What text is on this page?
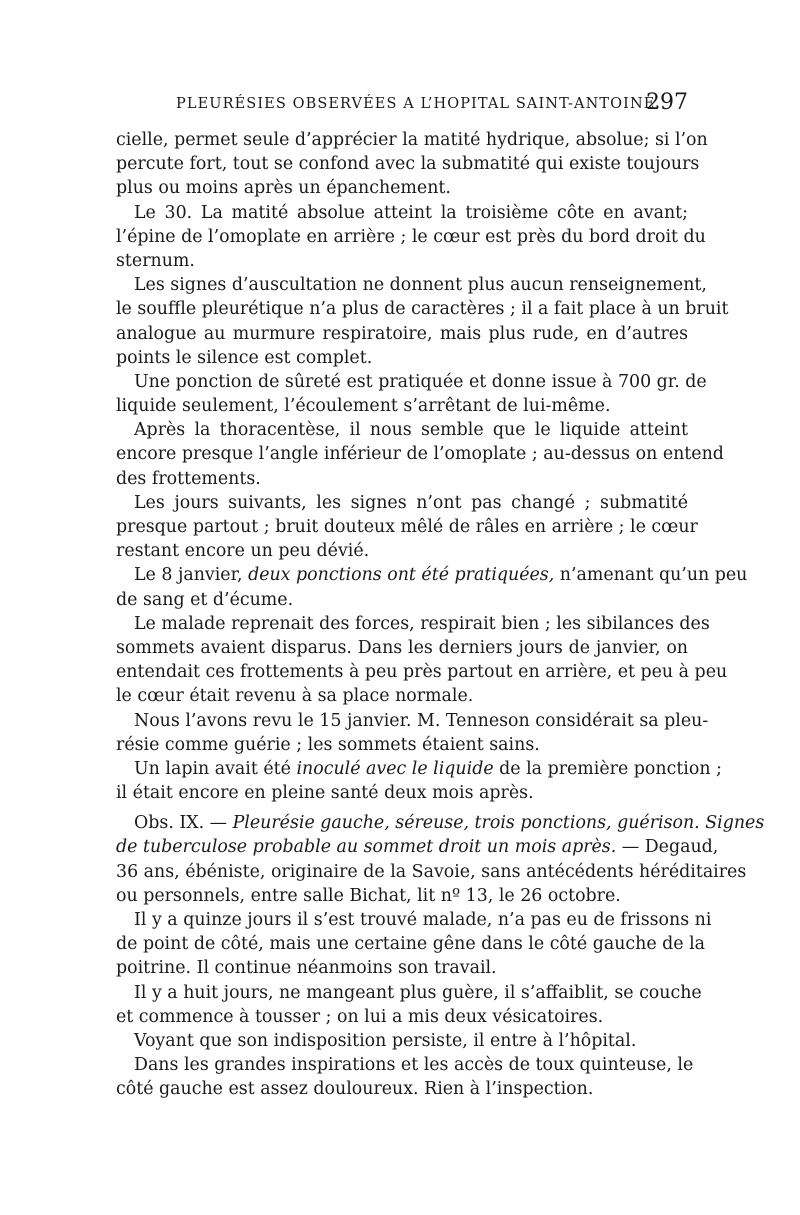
PLEURÉSIES OBSERVÉES A L’HOPITAL SAINT-ANTOINE.
297
cielle, permet seule d’apprécier la matité hydrique, absolue; si l’on
percute fort, tout se confond avec la submatité qui existe toujours
plus ou moins après un épanchement.
Le 30. La matité absolue atteint la troisième côte en avant;
l’épine de l’omoplate en arrière ; le cœur est près du bord droit du
sternum.
Les signes d’auscultation ne donnent plus aucun renseignement,
le souffle pleurétique n’a plus de caractères ; il a fait place à un bruit
analogue au murmure respiratoire, mais plus rude, en d’autres
points le silence est complet.
Une ponction de sûreté est pratiquée et donne issue à 700 gr. de
liquide seulement, l’écoulement s’arrêtant de lui-même.
Après la thoracentèse, il nous semble que le liquide atteint
encore presque l’angle inférieur de l’omoplate ; au-dessus on entend
des frottements.
Les jours suivants, les signes n’ont pas changé ; submatité
presque partout ; bruit douteux mêlé de râles en arrière ; le cœur
restant encore un peu dévié.
Le 8 janvier, deux ponctions ont été pratiquées, n’amenant qu’un peu
de sang et d’écume.
Le malade reprenait des forces, respirait bien ; les sibilances des
sommets avaient disparus. Dans les derniers jours de janvier, on
entendait ces frottements à peu près partout en arrière, et peu à peu
le cœur était revenu à sa place normale.
Nous l’avons revu le 15 janvier. M. Tenneson considérait sa pleu-
résie comme guérie ; les sommets étaient sains.
Un lapin avait été inoculé avec le liquide de la première ponction ;
il était encore en pleine santé deux mois après.
Obs. IX. — Pleurésie gauche, séreuse, trois ponctions, guérison. Signes
de tuberculose probable au sommet droit un mois après. — Degaud,
36 ans, ébéniste, originaire de la Savoie, sans antécédents héréditaires
ou personnels, entre salle Bichat, lit nº 13, le 26 octobre.
Il y a quinze jours il s’est trouvé malade, n’a pas eu de frissons ni
de point de côté, mais une certaine gêne dans le côté gauche de la
poitrine. Il continue néanmoins son travail.
Il y a huit jours, ne mangeant plus guère, il s’affaiblit, se couche
et commence à tousser ; on lui a mis deux vésicatoires.
Voyant que son indisposition persiste, il entre à l’hôpital.
Dans les grandes inspirations et les accès de toux quinteuse, le
côté gauche est assez douloureux. Rien à l’inspection.
